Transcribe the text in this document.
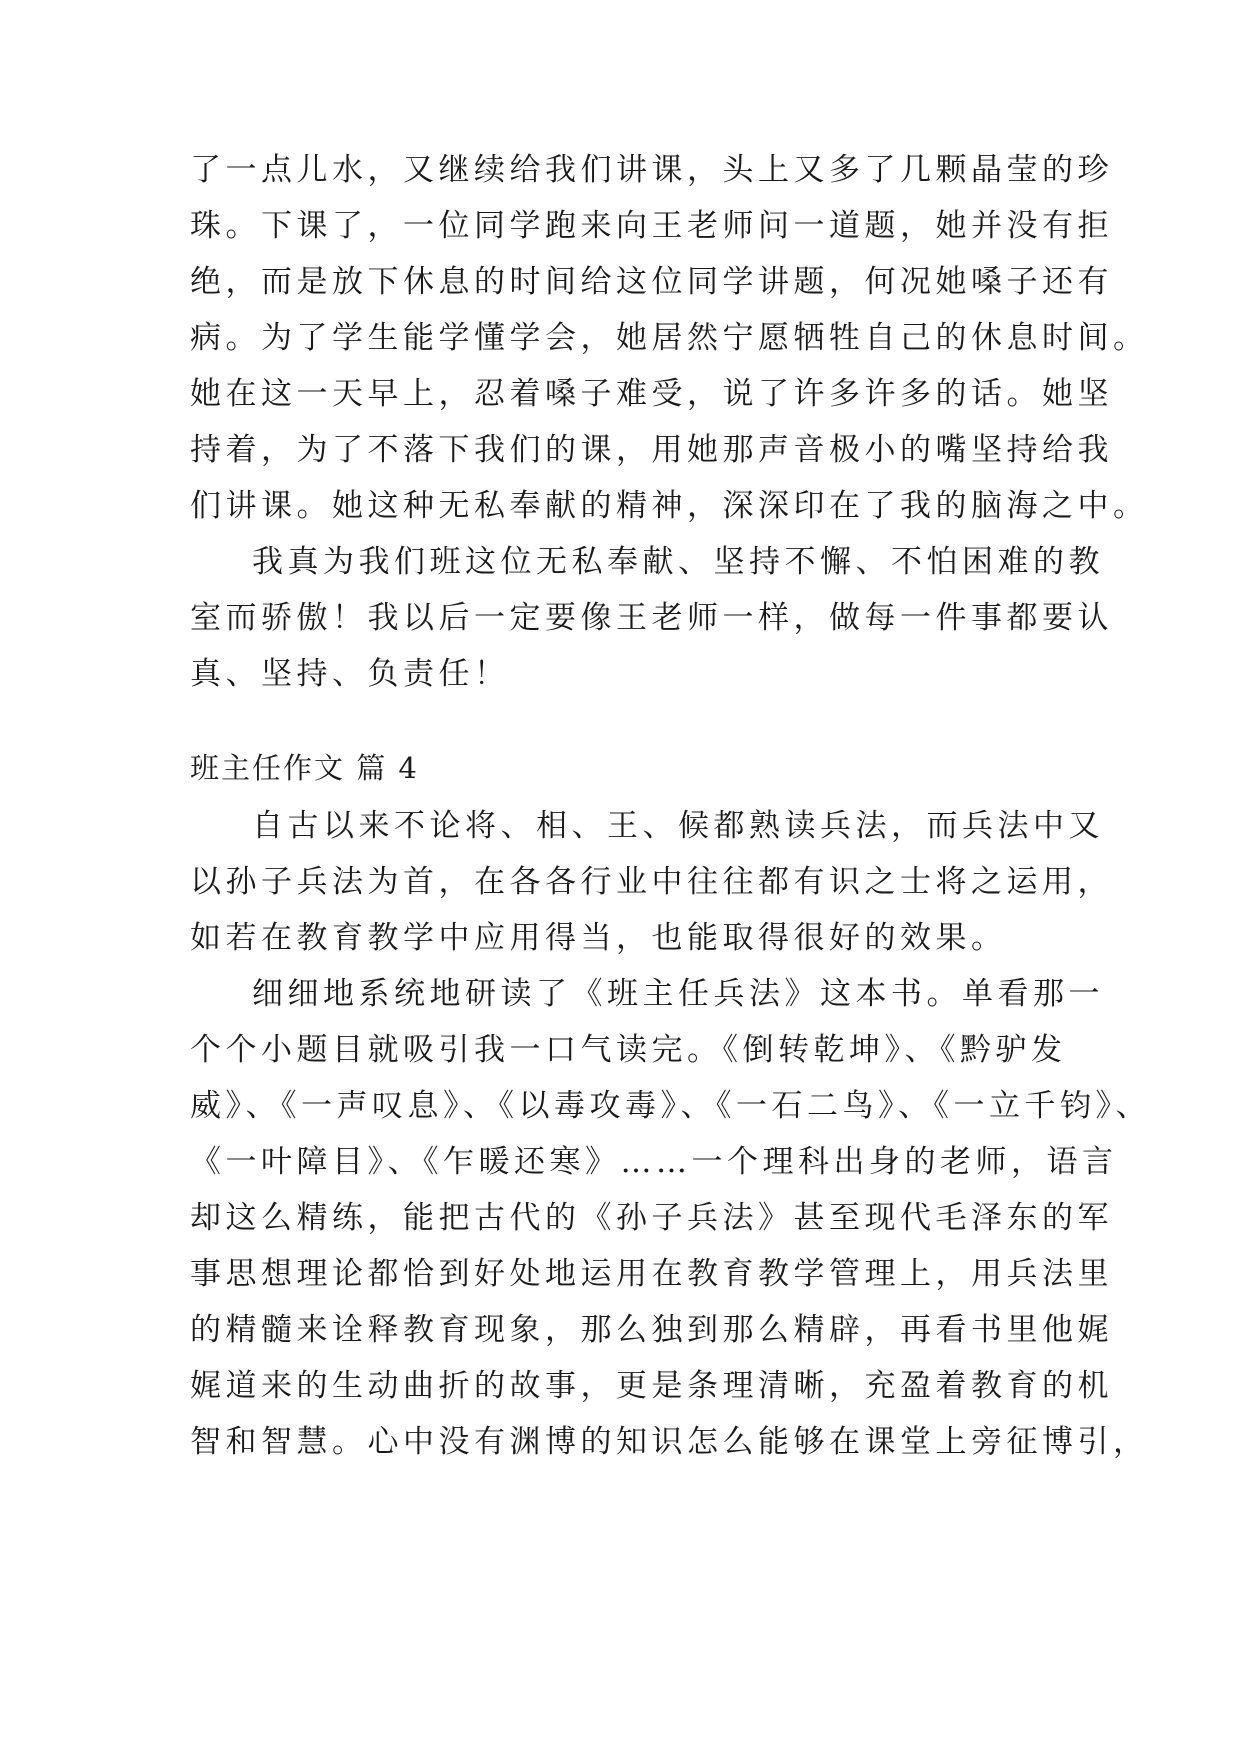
了一点儿水，又继续给我们讲课，头上又多了几颗晶莹的珍
珠。下课了，一位同学跑来向王老师问一道题，她并没有拒
绝，而是放下休息的时间给这位同学讲题，何况她嗓子还有
病。为了学生能学懂学会，她居然宁愿牺牲自己的休息时间。
她在这一天早上，忍着嗓子难受，说了许多许多的话。她坚
持着，为了不落下我们的课，用她那声音极小的嘴坚持给我
们讲课。她这种无私奉献的精神，深深印在了我的脑海之中。
我真为我们班这位无私奉献、坚持不懈、不怕困难的教
室而骄傲！我以后一定要像王老师一样，做每一件事都要认
真、坚持、负责任！
班主任作文 篇 4
自古以来不论将、相、王、候都熟读兵法，而兵法中又
以孙子兵法为首，在各各行业中往往都有识之士将之运用，
如若在教育教学中应用得当，也能取得很好的效果。
细细地系统地研读了《班主任兵法》这本书。单看那一
个个小题目就吸引我一口气读完。《倒转乾坤》、《黔驴发
威》、《一声叹息》、《以毒攻毒》、《一石二鸟》、《一立千钧》、
《一叶障目》、《乍暖还寒》……一个理科出身的老师，语言
却这么精练，能把古代的《孙子兵法》甚至现代毛泽东的军
事思想理论都恰到好处地运用在教育教学管理上，用兵法里
的精髓来诠释教育现象，那么独到那么精辟，再看书里他娓
娓道来的生动曲折的故事，更是条理清晰，充盈着教育的机
智和智慧。心中没有渊博的知识怎么能够在课堂上旁征博引，
